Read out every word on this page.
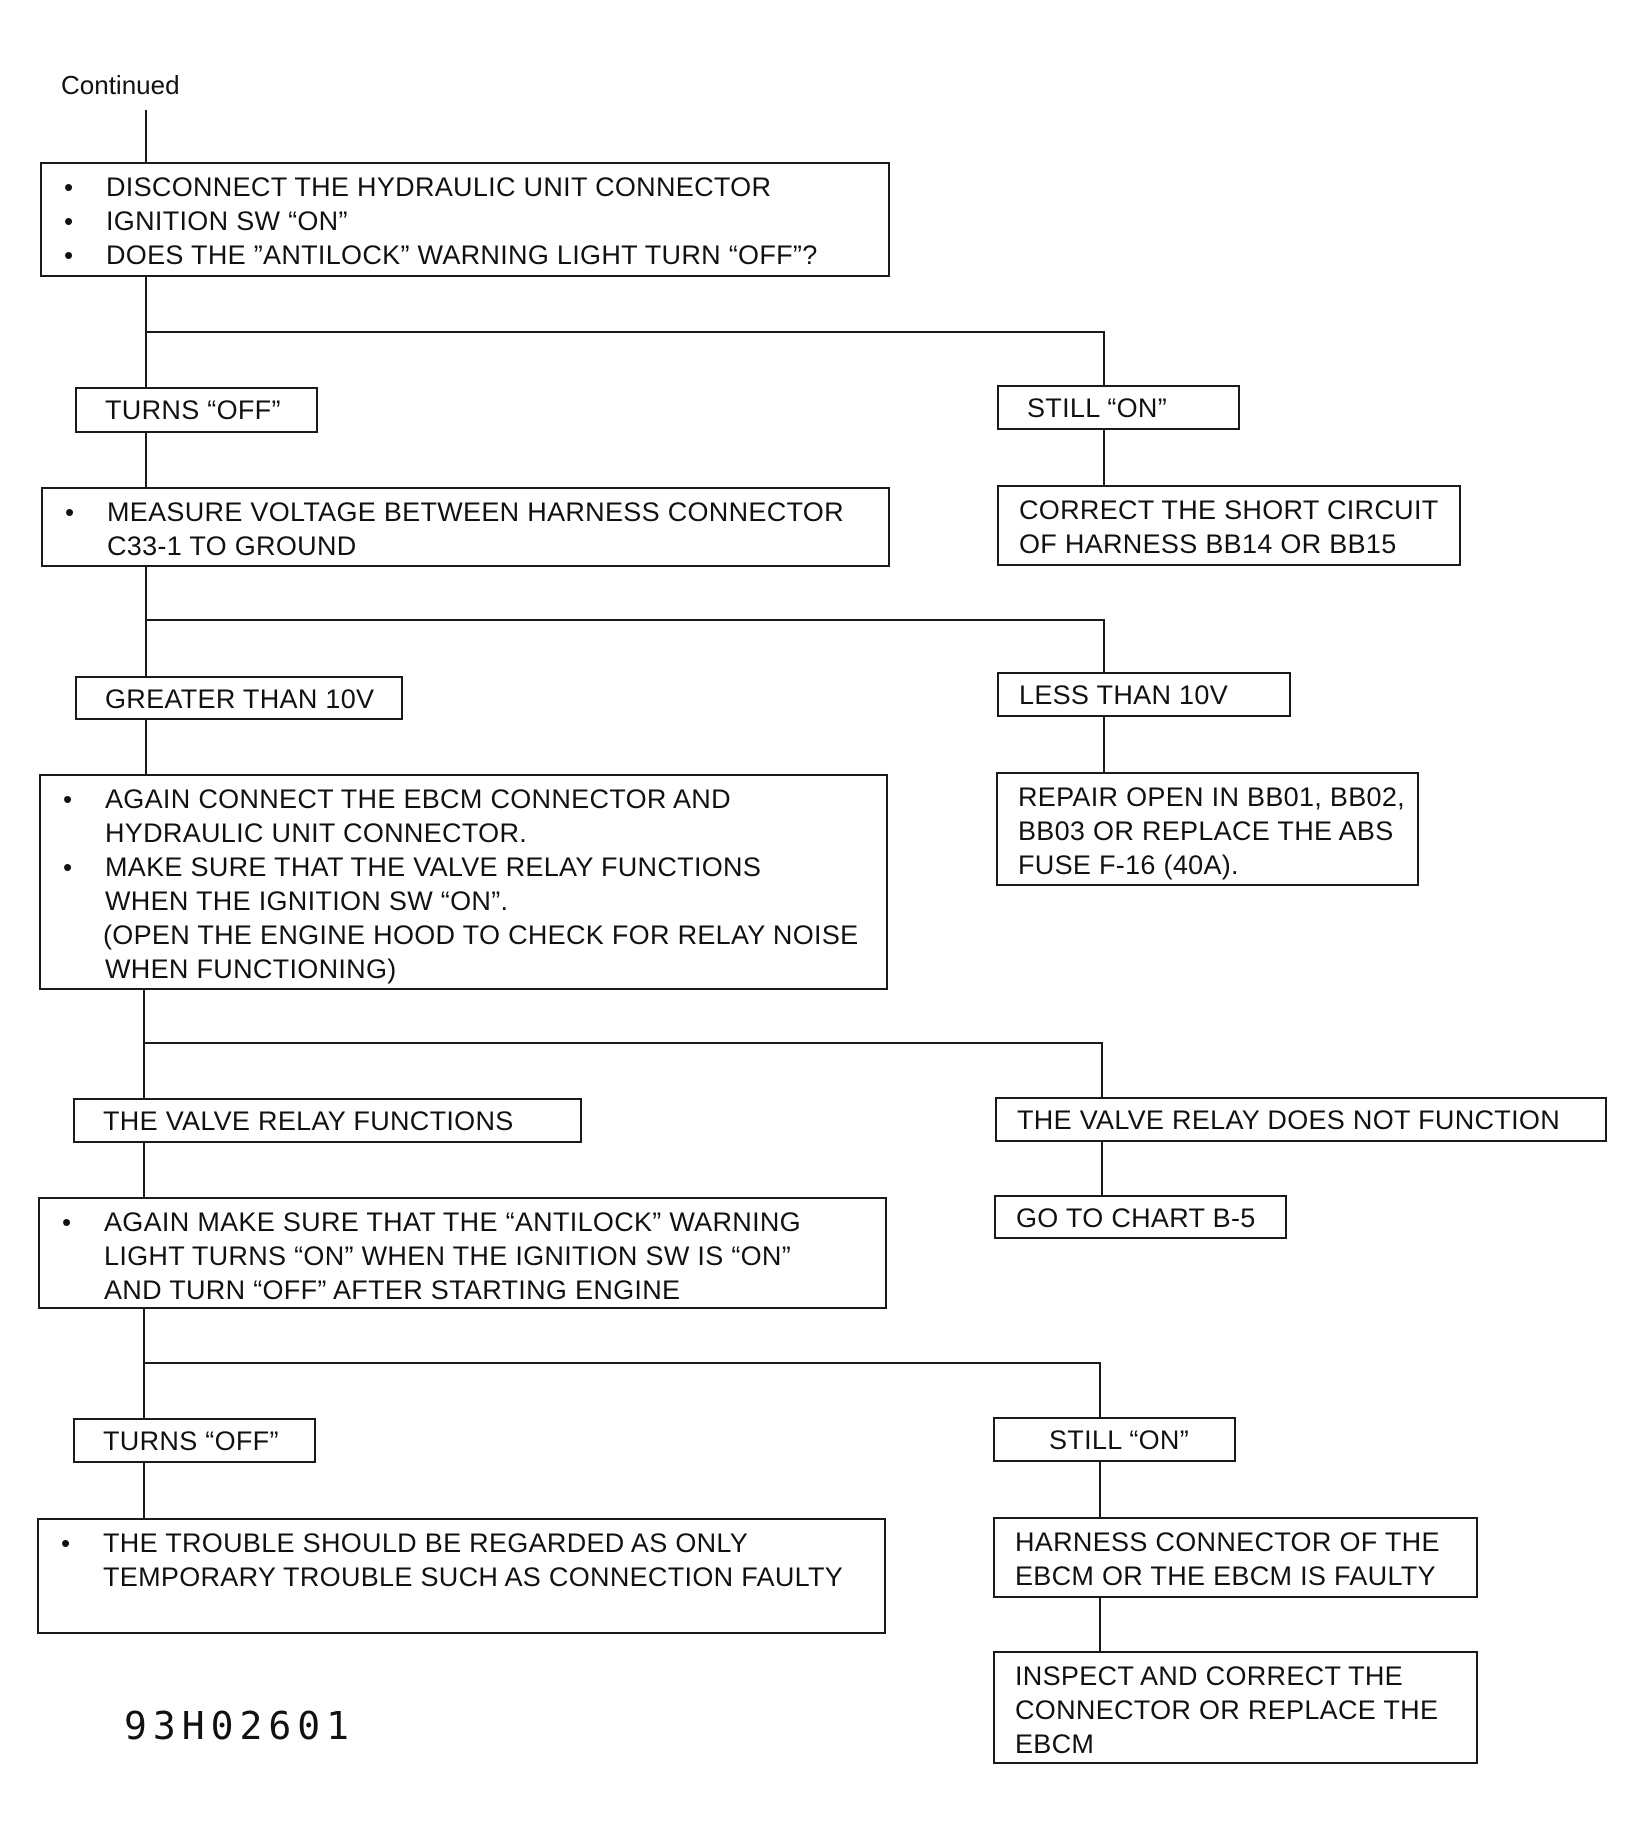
Continued
• DISCONNECT THE HYDRAULIC UNIT CONNECTOR
• IGNITION SW “ON”
• DOES THE ”ANTILOCK” WARNING LIGHT TURN “OFF”?
TURNS “OFF”	STILL “ON”
CORRECT THE SHORT CIRCUIT
OF HARNESS BB14 OR BB15
• MEASURE VOLTAGE BETWEEN HARNESS CONNECTOR
C33-1 TO GROUND
GREATER THAN 10V	LESS THAN 10V
REPAIR OPEN IN BB01, BB02,
BB03 OR REPLACE THE ABS
FUSE F-16 (40A).
• AGAIN CONNECT THE EBCM CONNECTOR AND
HYDRAULIC UNIT CONNECTOR.
• MAKE SURE THAT THE VALVE RELAY FUNCTIONS
WHEN THE IGNITION SW “ON”.
(OPEN THE ENGINE HOOD TO CHECK FOR RELAY NOISE
WHEN FUNCTIONING)
THE VALVE RELAY FUNCTIONS	THE VALVE RELAY DOES NOT FUNCTION
GO TO CHART B-5
• AGAIN MAKE SURE THAT THE “ANTILOCK” WARNING
LIGHT TURNS “ON” WHEN THE IGNITION SW IS “ON”
AND TURN “OFF” AFTER STARTING ENGINE
TURNS “OFF”	STILL “ON”
• THE TROUBLE SHOULD BE REGARDED AS ONLY
TEMPORARY TROUBLE SUCH AS CONNECTION FAULTY
HARNESS CONNECTOR OF THE
EBCM OR THE EBCM IS FAULTY
INSPECT AND CORRECT THE
CONNECTOR OR REPLACE THE
EBCM
93H02601
